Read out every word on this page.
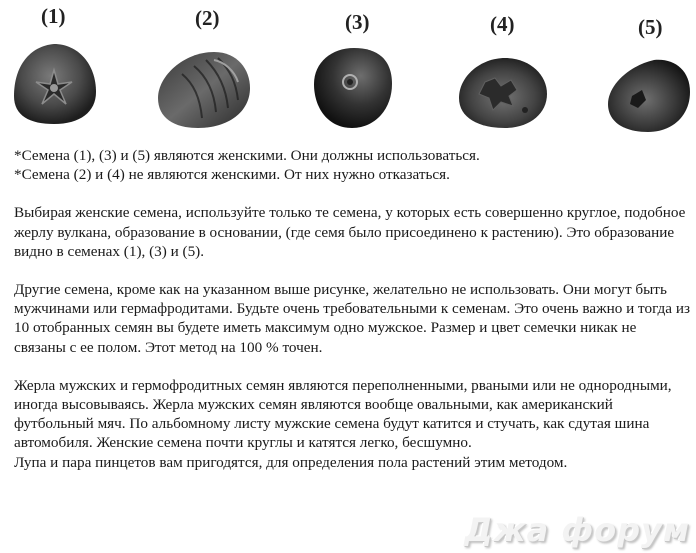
(1)	(2)	(3)	(4)	(5)

*Семена (1), (3) и (5) являются женскими. Они должны использоваться.

*Семена (2) и (4) не являются женскими. От них нужно отказаться.

Выбирая женские семена, используйте только те семена, у которых есть совершенно круглое, подобное жерлу вулкана, образование в основании, (где семя было присоединено к растению). Это образование видно в семенах (1), (3) и (5).

Другие семена, кроме как на указанном выше рисунке, желательно не использовать. Они могут быть мужчинами или гермафродитами. Будьте очень требовательными к семенам. Это очень важно и тогда из 10 отобранных семян вы будете иметь максимум одно мужское. Размер и цвет семечки никак не связаны с ее полом. Этот метод на 100 % точен.

Жерла мужских и гермофродитных семян являются переполненными, рваными или не однородными, иногда высовываясь. Жерла мужских семян являются вообще овальными, как американский футбольный мяч. По альбомному листу мужские семена будут катится и стучать, как сдутая шина автомобиля. Женские семена почти круглы и катятся легко, бесшумно.

Лупа и пара пинцетов вам пригодятся, для определения пола растений этим методом.

Джа форум
